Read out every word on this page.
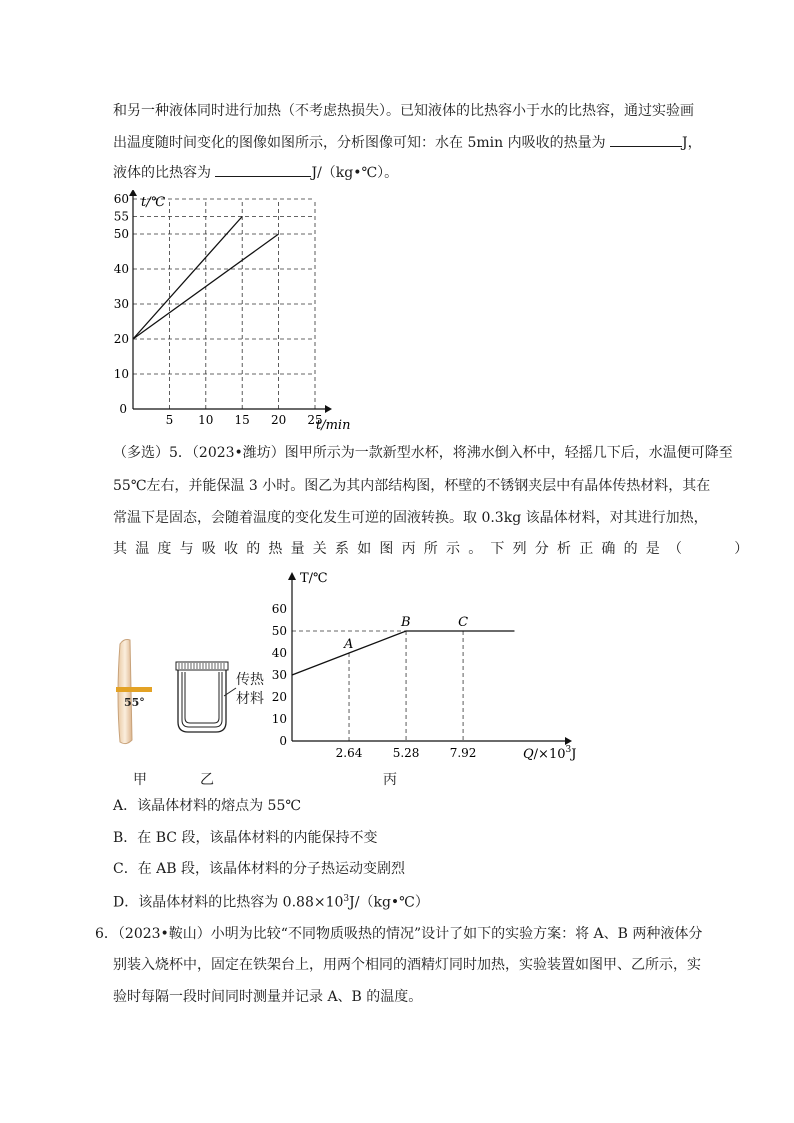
和另一种液体同时进行加热（不考虑热损失）。已知液体的比热容小于水的比热容，通过实验画
出温度随时间变化的图像如图所示，分析图像可知：水在 5min 内吸收的热量为	J，
液体的比热容为	J/（kg•℃）。
10
20
30
40
50
55
60
5 10 15 20 25
0
t/℃
t/min
（多选）5．（2023•潍坊）图甲所示为一款新型水杯，将沸水倒入杯中，轻摇几下后，水温便可降至
55℃左右，并能保温 3 小时。图乙为其内部结构图，杯壁的不锈钢夹层中有晶体传热材料，其在
常温下是固态，会随着温度的变化发生可逆的固液转换。取 0.3kg 该晶体材料，对其进行加热，
其温度与吸收的热量关系如图丙所示。下列分析正确的是（	）
55°
传热
材料
0
10
20
30
40
50
60
2.64	5.28	7.92
T/℃
$Q/\times 10^3J$
A
B	C
甲	乙	丙
A．该晶体材料的熔点为 55℃
B．在 BC 段，该晶体材料的内能保持不变
C．在 AB 段，该晶体材料的分子热运动变剧烈
D．该晶体材料的比热容为 $0.88\times 10^3J/(kg•℃)$
6．（2023•鞍山）小明为比较“不同物质吸热的情况”设计了如下的实验方案：将 A、B 两种液体分
别装入烧杯中，固定在铁架台上，用两个相同的酒精灯同时加热，实验装置如图甲、乙所示，实
验时每隔一段时间同时测量并记录 A、B 的温度。
